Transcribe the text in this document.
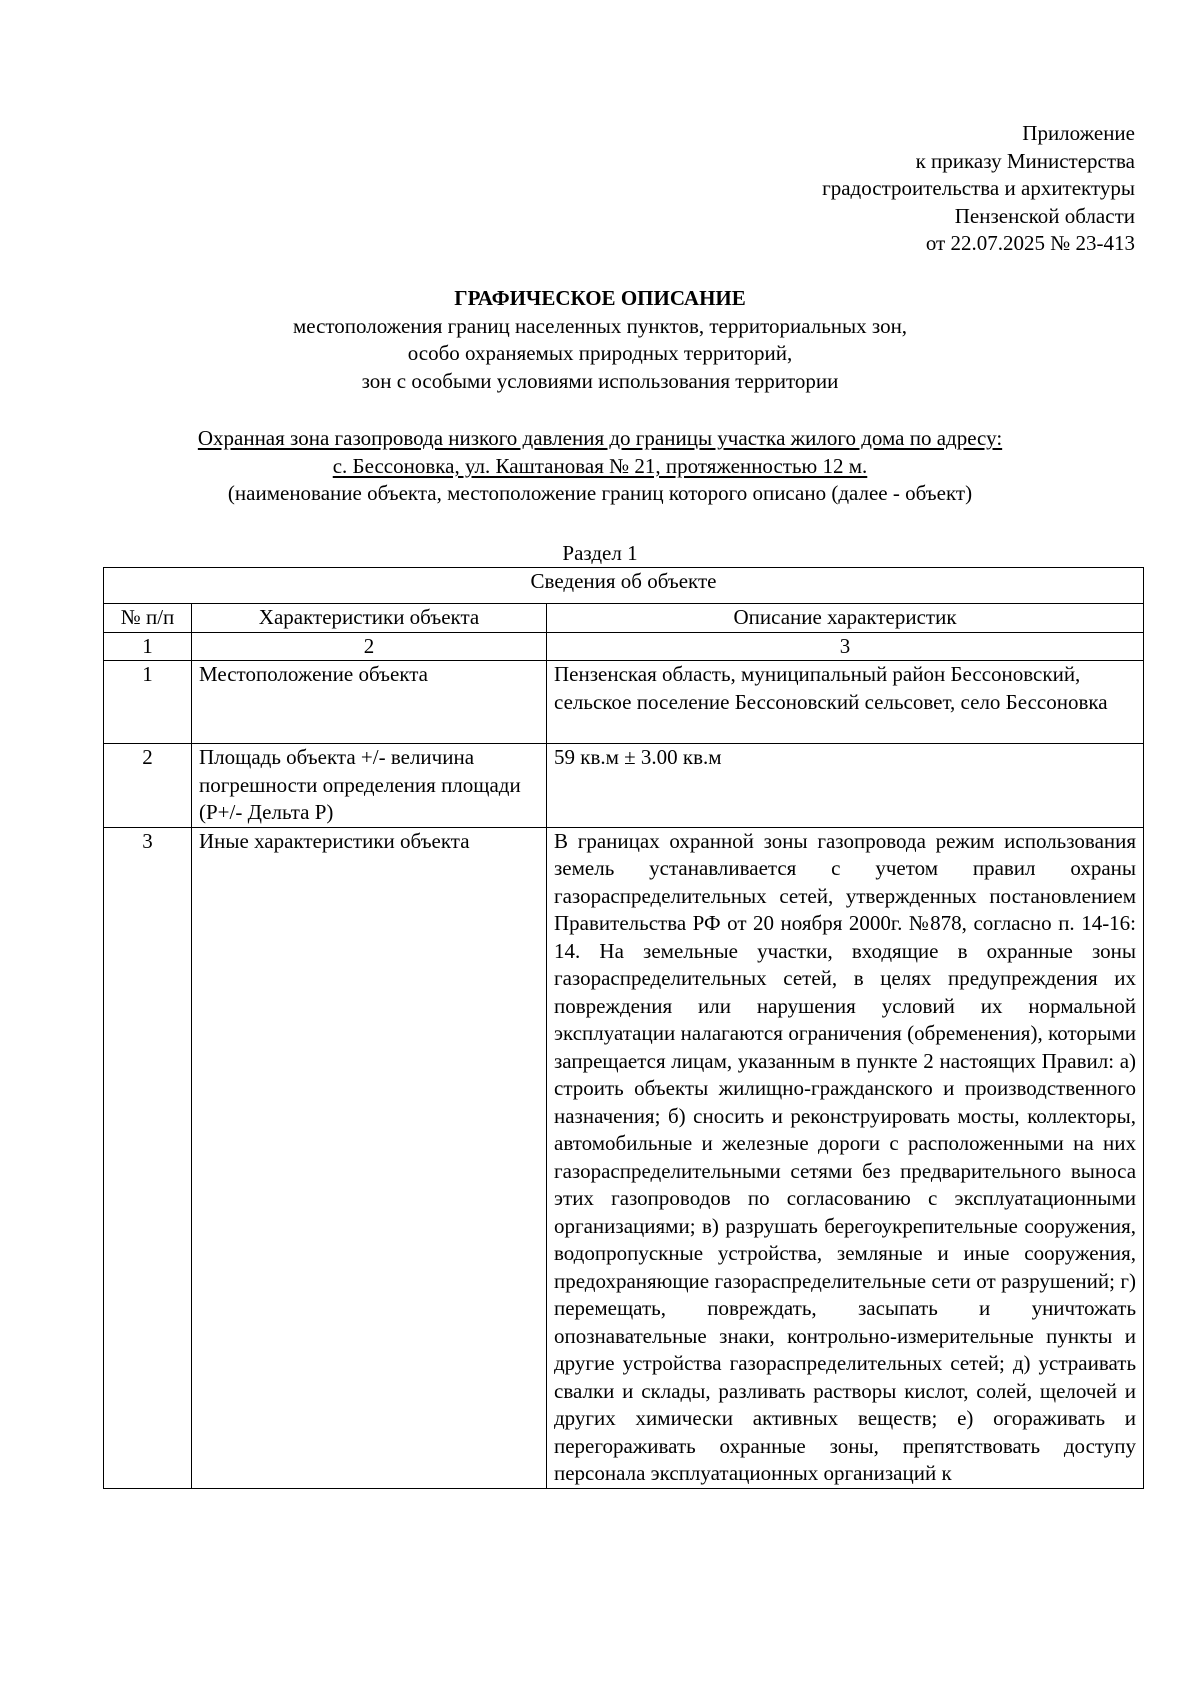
Приложение
к приказу Министерства
градостроительства и архитектуры
Пензенской области
от 22.07.2025 № 23-413
ГРАФИЧЕСКОЕ ОПИСАНИЕ
местоположения границ населенных пунктов, территориальных зон,
особо охраняемых природных территорий,
зон с особыми условиями использования территории
Охранная зона газопровода низкого давления до границы участка жилого дома по адресу:
с. Бессоновка, ул. Каштановая № 21, протяженностью 12 м.
(наименование объекта, местоположение границ которого описано (далее - объект)
Раздел 1
Сведения об объекте		
№ п/п	Характеристики объекта	Описание характеристик
1	2	3
1	Местоположение объекта	Пензенская область, муниципальный район Бессоновский, сельское поселение Бессоновский сельсовет, село Бессоновка
2	Площадь объекта +/- величина погрешности определения площади (Р+/- Дельта Р)	59 кв.м ± 3.00 кв.м
3	Иные характеристики объекта	В границах охранной зоны газопровода режим использования земель устанавливается с учетом правил охраны газораспределительных сетей, утвержденных постановлением Правительства РФ от 20 ноября 2000г. №878, согласно п. 14-16: 14. На земельные участки, входящие в охранные зоны газораспределительных сетей, в целях предупреждения их повреждения или нарушения условий их нормальной эксплуатации налагаются ограничения (обременения), которыми запрещается лицам, указанным в пункте 2 настоящих Правил: а) строить объекты жилищно-гражданского и производственного назначения; б) сносить и реконструировать мосты, коллекторы, автомобильные и железные дороги с расположенными на них газораспределительными сетями без предварительного выноса этих газопроводов по согласованию с эксплуатационными организациями; в) разрушать берегоукрепительные сооружения, водопропускные устройства, земляные и иные сооружения, предохраняющие газораспределительные сети от разрушений; г) перемещать, повреждать, засыпать и уничтожать опознавательные знаки, контрольно-измерительные пункты и другие устройства газораспределительных сетей; д) устраивать свалки и склады, разливать растворы кислот, солей, щелочей и других химически активных веществ; е) огораживать и перегораживать охранные зоны, препятствовать доступу персонала эксплуатационных организаций к
